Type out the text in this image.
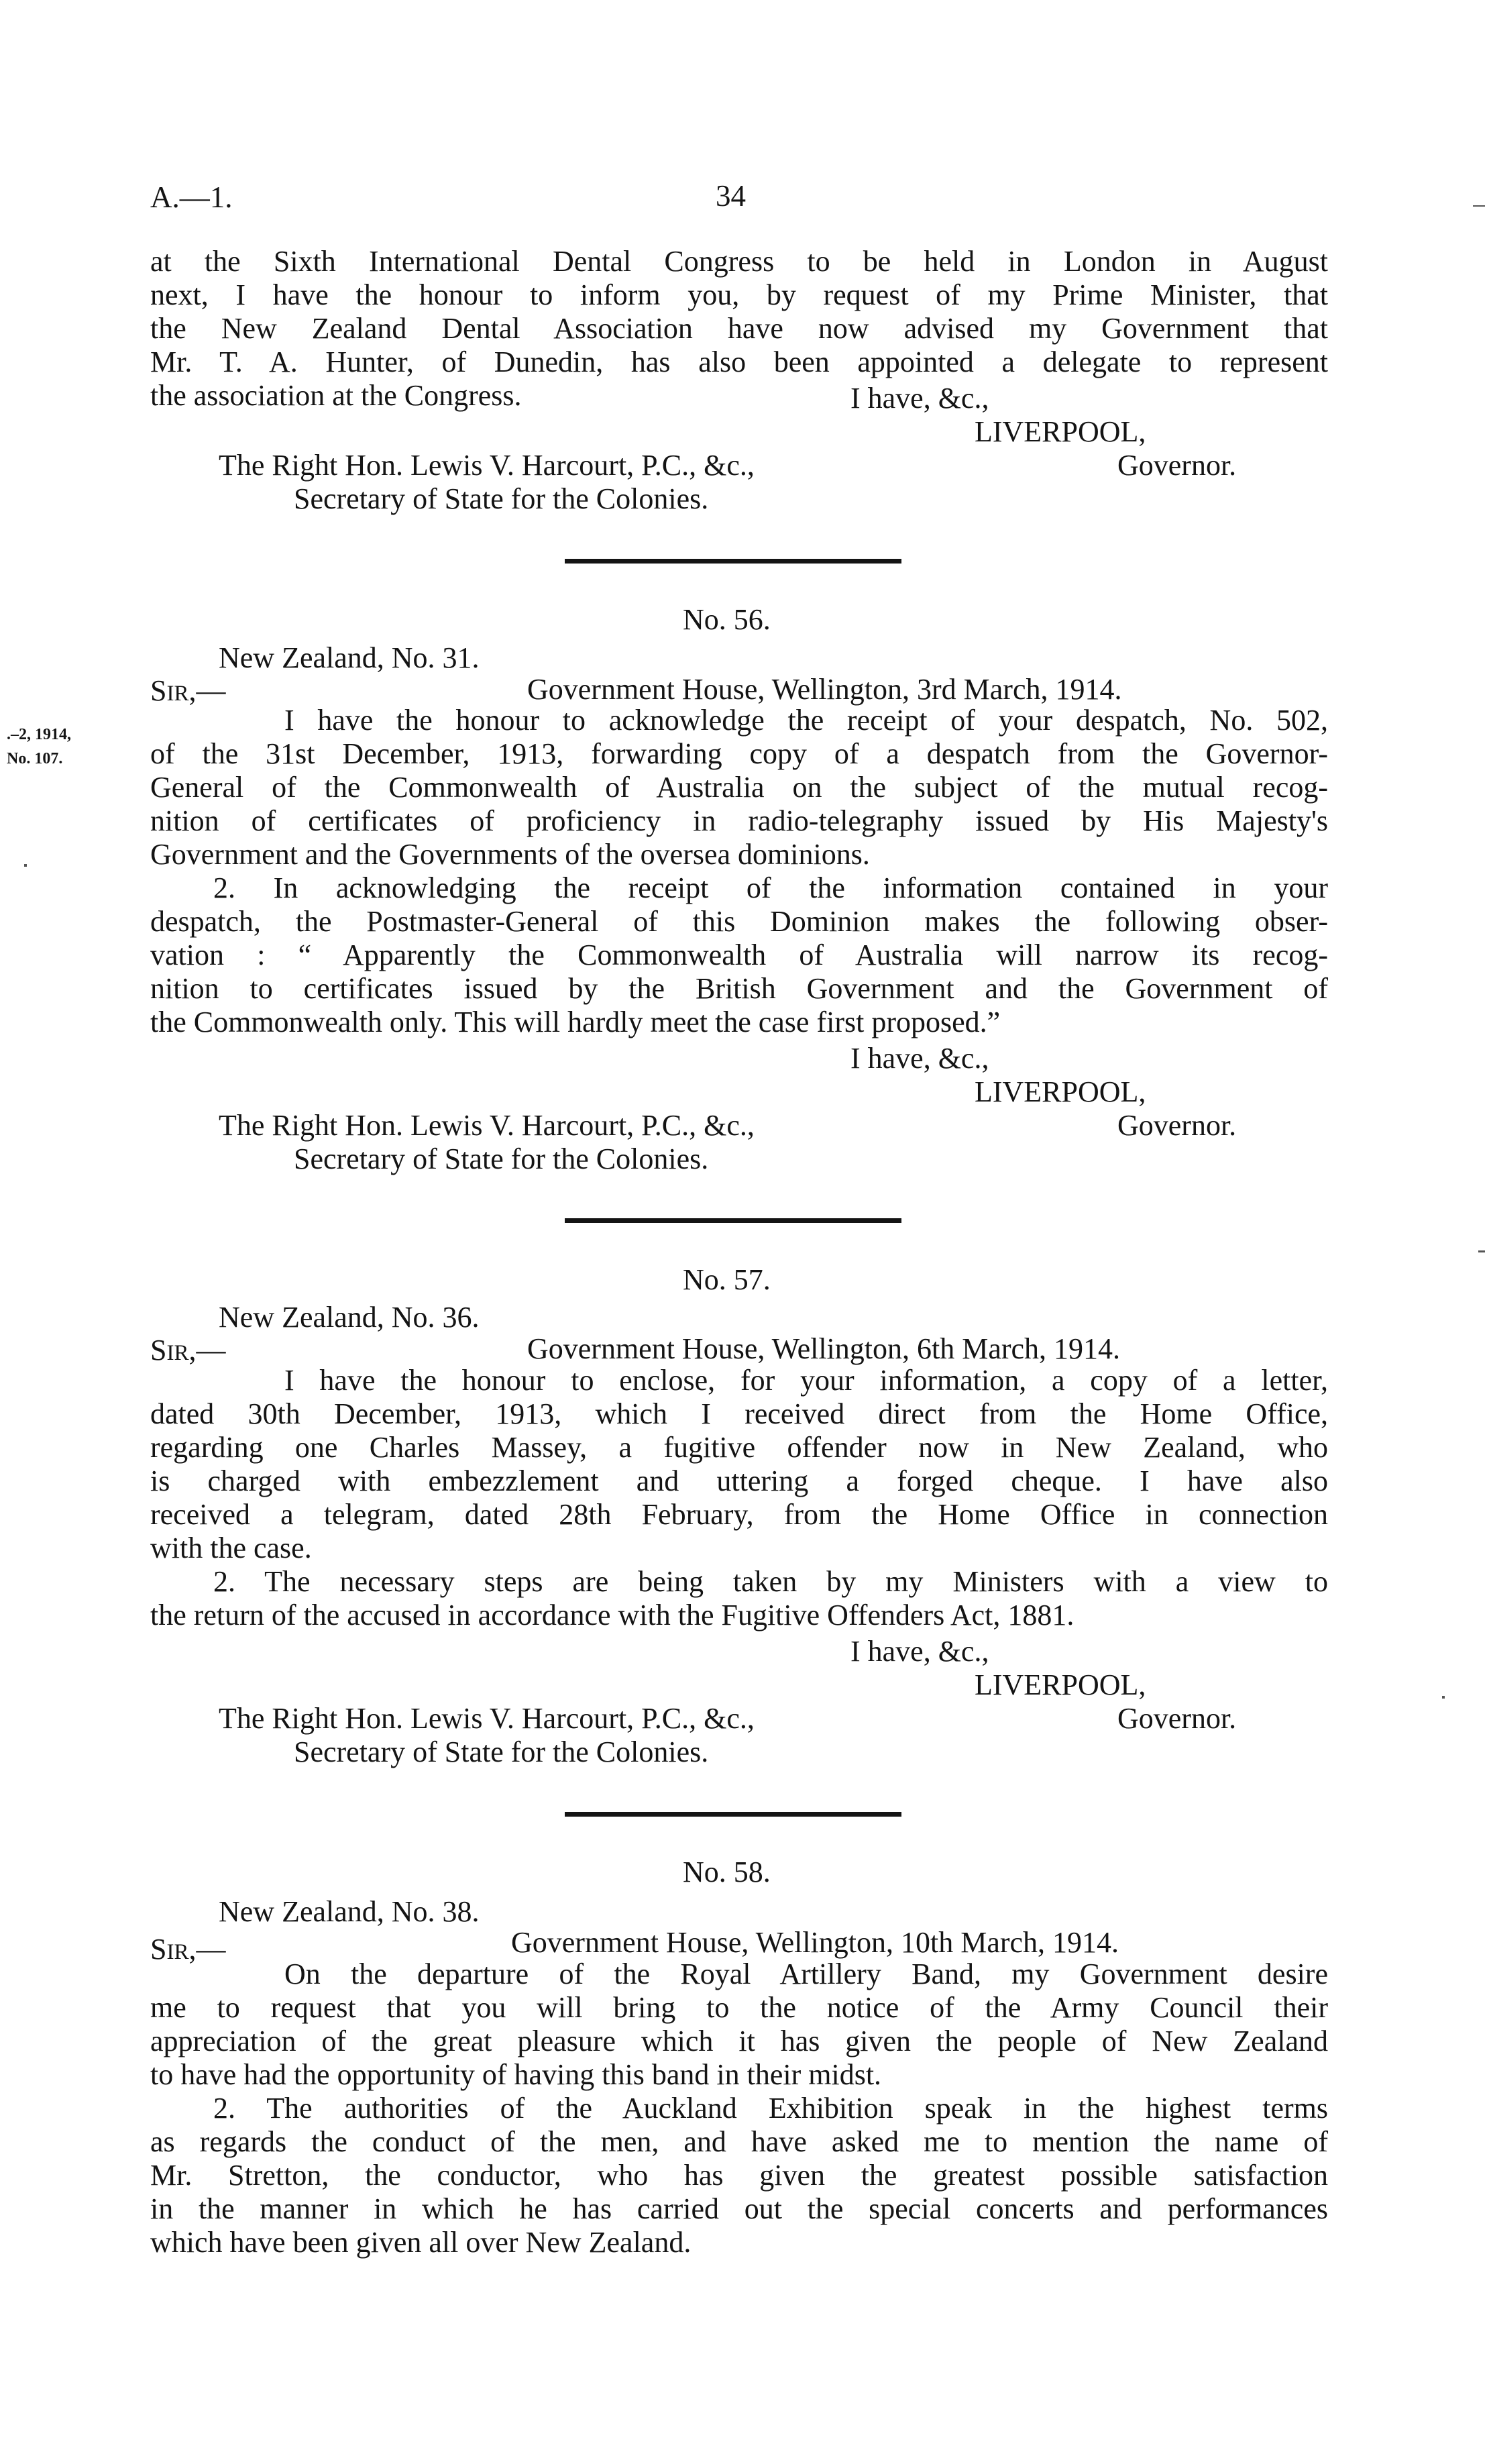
A.—1.	34
at the Sixth International Dental Congress to be held in London in August
next, I have the honour to inform you, by request of my Prime Minister, that
the New Zealand Dental Association have now advised my Government that
Mr. T. A. Hunter, of Dunedin, has also been appointed a delegate to represent
the association at the Congress.	I have, &c.,
LIVERPOOL,
The Right Hon. Lewis V. Harcourt, P.C., &c.,	Governor.
Secretary of State for the Colonies.
No. 56.
New Zealand, No. 31.
SIR,—	Government House, Wellington, 3rd March, 1914.
.–2, 1914,
No. 107.
I have the honour to acknowledge the receipt of your despatch, No. 502,
of the 31st December, 1913, forwarding copy of a despatch from the Governor-
General of the Commonwealth of Australia on the subject of the mutual recog-
nition of certificates of proficiency in radio-telegraphy issued by His Majesty's
Government and the Governments of the oversea dominions.
2. In acknowledging the receipt of the information contained in your
despatch, the Postmaster-General of this Dominion makes the following obser-
vation : “ Apparently the Commonwealth of Australia will narrow its recog-
nition to certificates issued by the British Government and the Government of
the Commonwealth only. This will hardly meet the case first proposed.”
I have, &c.,
LIVERPOOL,
The Right Hon. Lewis V. Harcourt, P.C., &c.,	Governor.
Secretary of State for the Colonies.
No. 57.
New Zealand, No. 36.
SIR,—	Government House, Wellington, 6th March, 1914.
I have the honour to enclose, for your information, a copy of a letter,
dated 30th December, 1913, which I received direct from the Home Office,
regarding one Charles Massey, a fugitive offender now in New Zealand, who
is charged with embezzlement and uttering a forged cheque. I have also
received a telegram, dated 28th February, from the Home Office in connection
with the case.
2. The necessary steps are being taken by my Ministers with a view to
the return of the accused in accordance with the Fugitive Offenders Act, 1881.
I have, &c.,
LIVERPOOL,
The Right Hon. Lewis V. Harcourt, P.C., &c.,	Governor.
Secretary of State for the Colonies.
No. 58.
New Zealand, No. 38.
SIR,—	Government House, Wellington, 10th March, 1914.
On the departure of the Royal Artillery Band, my Government desire
me to request that you will bring to the notice of the Army Council their
appreciation of the great pleasure which it has given the people of New Zealand
to have had the opportunity of having this band in their midst.
2. The authorities of the Auckland Exhibition speak in the highest terms
as regards the conduct of the men, and have asked me to mention the name of
Mr. Stretton, the conductor, who has given the greatest possible satisfaction
in the manner in which he has carried out the special concerts and performances
which have been given all over New Zealand.
